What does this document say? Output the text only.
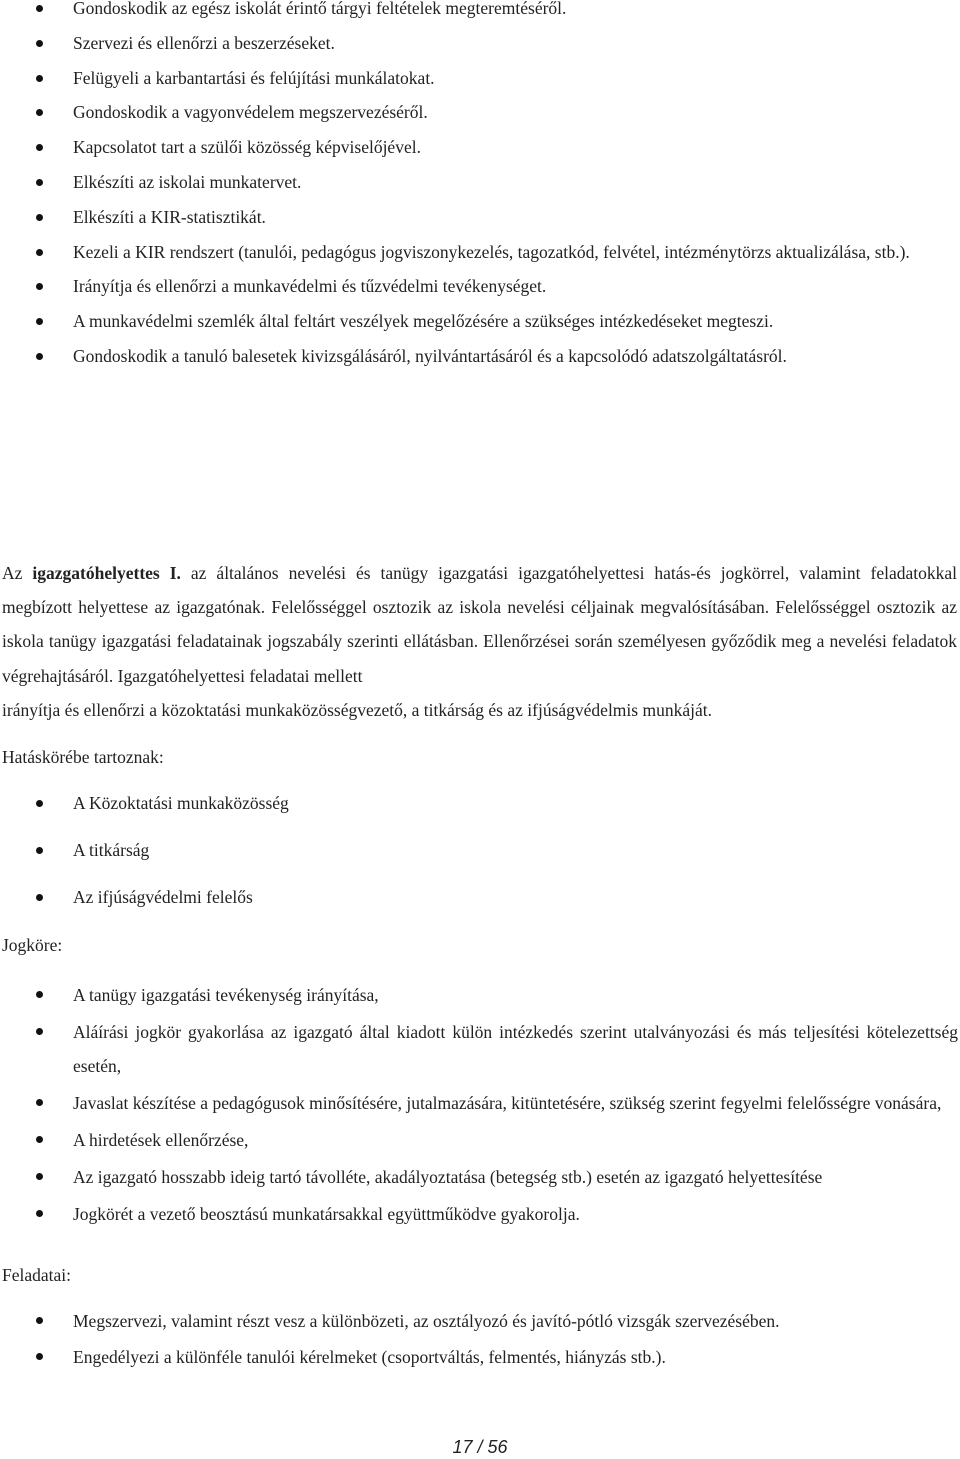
Gondoskodik az egész iskolát érintő tárgyi feltételek megteremtéséről.
Szervezi és ellenőrzi a beszerzéseket.
Felügyeli a karbantartási és felújítási munkálatokat.
Gondoskodik a vagyonvédelem megszervezéséről.
Kapcsolatot tart a szülői közösség képviselőjével.
Elkészíti az iskolai munkatervet.
Elkészíti a KIR-statisztikát.
Kezeli a KIR rendszert (tanulói, pedagógus jogviszonykezelés, tagozatkód, felvétel, intézménytörzs aktualizálása, stb.).
Irányítja és ellenőrzi a munkavédelmi és tűzvédelmi tevékenységet.
A munkavédelmi szemlék által feltárt veszélyek megelőzésére a szükséges intézkedéseket megteszi.
Gondoskodik a tanuló balesetek kivizsgálásáról, nyilvántartásáról és a kapcsolódó adatszolgáltatásról.

Az igazgatóhelyettes I. az általános nevelési és tanügy igazgatási igazgatóhelyettesi hatás-és jogkörrel, valamint feladatokkal megbízott helyettese az igazgatónak. Felelősséggel osztozik az iskola nevelési céljainak megvalósításában. Felelősséggel osztozik az iskola tanügy igazgatási feladatainak jogszabály szerinti ellátásban. Ellenőrzései során személyesen győződik meg a nevelési feladatok végrehajtásáról. Igazgatóhelyettesi feladatai mellett
irányítja és ellenőrzi a közoktatási munkaközösségvezető, a titkárság és az ifjúságvédelmis munkáját.

Hatáskörébe tartoznak:

A Közoktatási munkaközösség
A titkárság
Az ifjúságvédelmi felelős

Jogköre:

A tanügy igazgatási tevékenység irányítása,
Aláírási jogkör gyakorlása az igazgató által kiadott külön intézkedés szerint utalványozási és más teljesítési kötelezettség esetén,
Javaslat készítése a pedagógusok minősítésére, jutalmazására, kitüntetésére, szükség szerint fegyelmi felelősségre vonására,
A hirdetések ellenőrzése,
Az igazgató hosszabb ideig tartó távolléte, akadályoztatása (betegség stb.) esetén az igazgató helyettesítése
Jogkörét a vezető beosztású munkatársakkal együttműködve gyakorolja.

Feladatai:

Megszervezi, valamint részt vesz a különbözeti, az osztályozó és javító-pótló vizsgák szervezésében.
Engedélyezi a különféle tanulói kérelmeket (csoportváltás, felmentés, hiányzás stb.).
17 / 56
